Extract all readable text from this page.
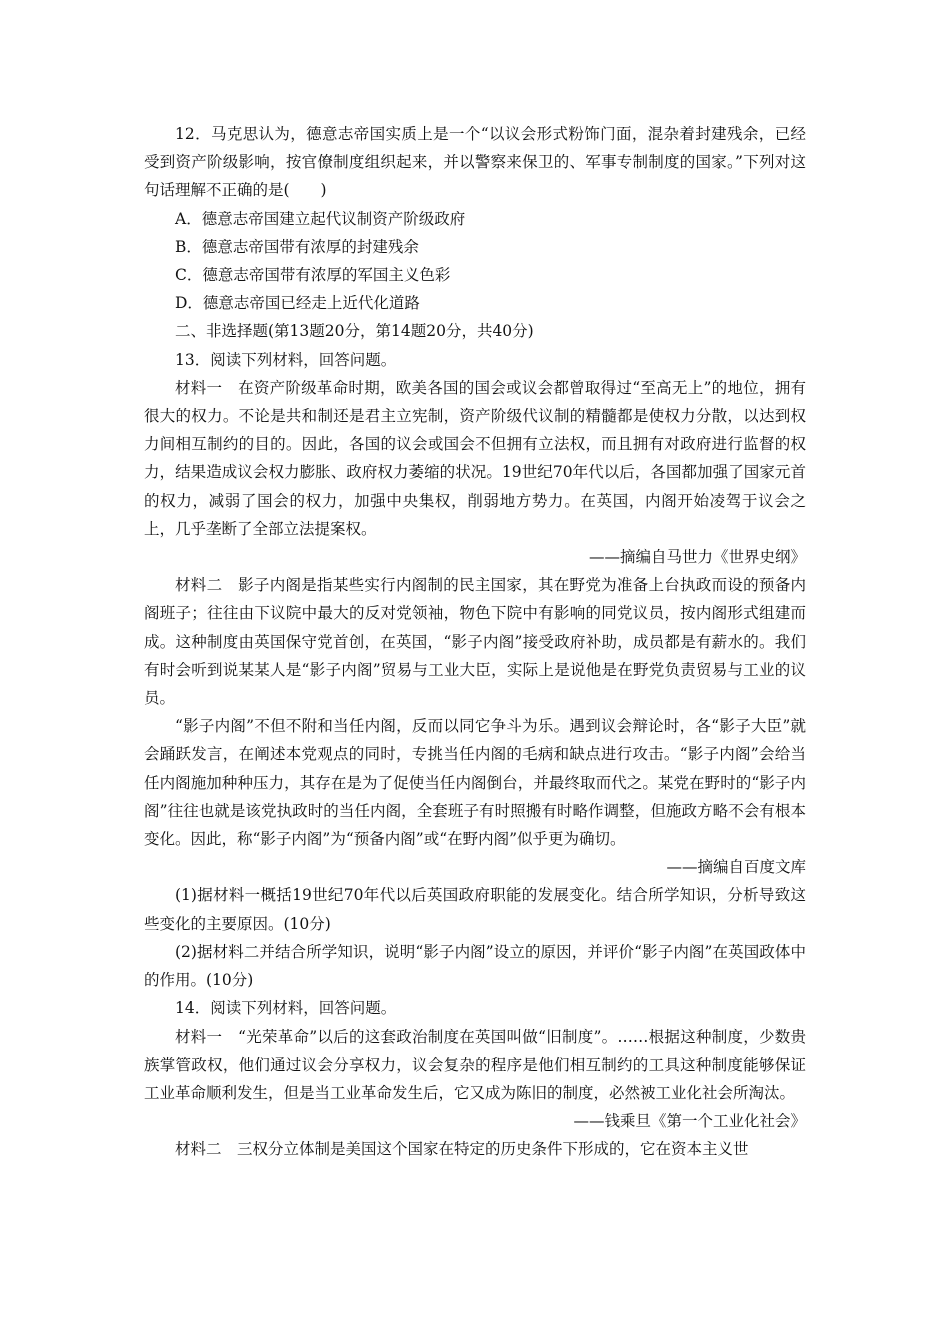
12．马克思认为，德意志帝国实质上是一个“以议会形式粉饰门面，混杂着封建残余，已经受到资产阶级影响，按官僚制度组织起来，并以警察来保卫的、军事专制制度的国家。”下列对这句话理解不正确的是(　　)

A．德意志帝国建立起代议制资产阶级政府

B．德意志帝国带有浓厚的封建残余

C．德意志帝国带有浓厚的军国主义色彩

D．德意志帝国已经走上近代化道路

二、非选择题(第13题20分，第14题20分，共40分)

13．阅读下列材料，回答问题。

材料一　在资产阶级革命时期，欧美各国的国会或议会都曾取得过“至高无上”的地位，拥有很大的权力。不论是共和制还是君主立宪制，资产阶级代议制的精髓都是使权力分散，以达到权力间相互制约的目的。因此，各国的议会或国会不但拥有立法权，而且拥有对政府进行监督的权力，结果造成议会权力膨胀、政府权力萎缩的状况。19世纪70年代以后，各国都加强了国家元首的权力，减弱了国会的权力，加强中央集权，削弱地方势力。在英国，内阁开始凌驾于议会之上，几乎垄断了全部立法提案权。

——摘编自马世力《世界史纲》

材料二　影子内阁是指某些实行内阁制的民主国家，其在野党为准备上台执政而设的预备内阁班子；往往由下议院中最大的反对党领袖，物色下院中有影响的同党议员，按内阁形式组建而成。这种制度由英国保守党首创，在英国，“影子内阁”接受政府补助，成员都是有薪水的。我们有时会听到说某某人是“影子内阁”贸易与工业大臣，实际上是说他是在野党负责贸易与工业的议员。

“影子内阁”不但不附和当任内阁，反而以同它争斗为乐。遇到议会辩论时，各“影子大臣”就会踊跃发言，在阐述本党观点的同时，专挑当任内阁的毛病和缺点进行攻击。“影子内阁”会给当任内阁施加种种压力，其存在是为了促使当任内阁倒台，并最终取而代之。某党在野时的“影子内阁”往往也就是该党执政时的当任内阁，全套班子有时照搬有时略作调整，但施政方略不会有根本变化。因此，称“影子内阁”为“预备内阁”或“在野内阁”似乎更为确切。

——摘编自百度文库

(1)据材料一概括19世纪70年代以后英国政府职能的发展变化。结合所学知识，分析导致这些变化的主要原因。(10分)

(2)据材料二并结合所学知识，说明“影子内阁”设立的原因，并评价“影子内阁”在英国政体中的作用。(10分)

14．阅读下列材料，回答问题。

材料一　“光荣革命”以后的这套政治制度在英国叫做“旧制度”。……根据这种制度，少数贵族掌管政权，他们通过议会分享权力，议会复杂的程序是他们相互制约的工具这种制度能够保证工业革命顺利发生，但是当工业革命发生后，它又成为陈旧的制度，必然被工业化社会所淘汰。

——钱乘旦《第一个工业化社会》

材料二　三权分立体制是美国这个国家在特定的历史条件下形成的，它在资本主义世
